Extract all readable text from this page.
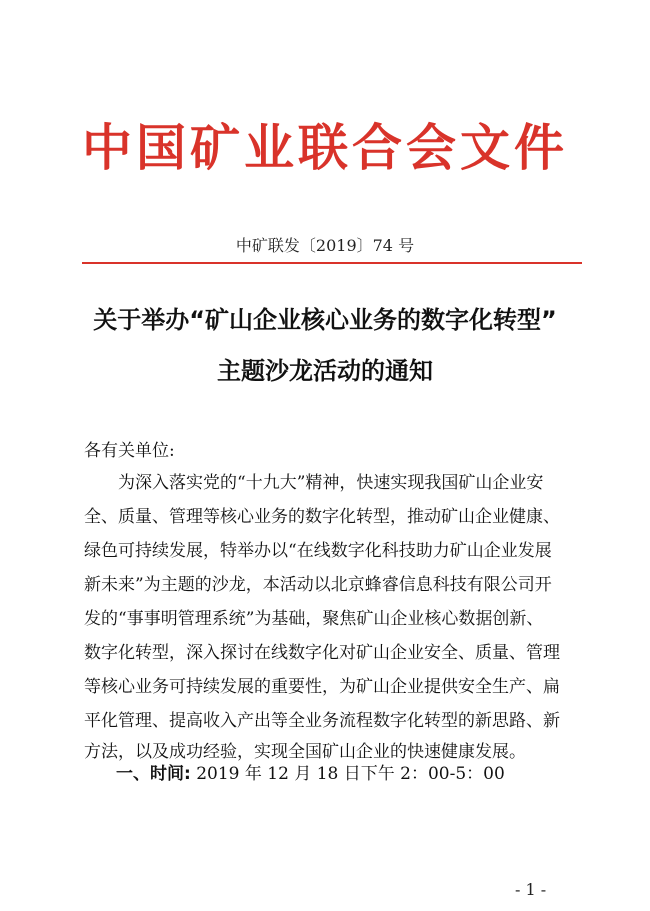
中国矿业联合会文件
中矿联发〔2019〕74 号
关于举办“矿山企业核心业务的数字化转型”
主题沙龙活动的通知
各有关单位:
　　为深入落实党的“十九大”精神，快速实现我国矿山企业安
全、质量、管理等核心业务的数字化转型，推动矿山企业健康、
绿色可持续发展，特举办以“在线数字化科技助力矿山企业发展
新未来”为主题的沙龙，本活动以北京蜂睿信息科技有限公司开
发的“事事明管理系统”为基础，聚焦矿山企业核心数据创新、
数字化转型，深入探讨在线数字化对矿山企业安全、质量、管理
等核心业务可持续发展的重要性，为矿山企业提供安全生产、扁
平化管理、提高收入产出等全业务流程数字化转型的新思路、新
方法，以及成功经验，实现全国矿山企业的快速健康发展。
一、时间: 2019 年 12 月 18 日下午 2：00-5：00
- 1 -
